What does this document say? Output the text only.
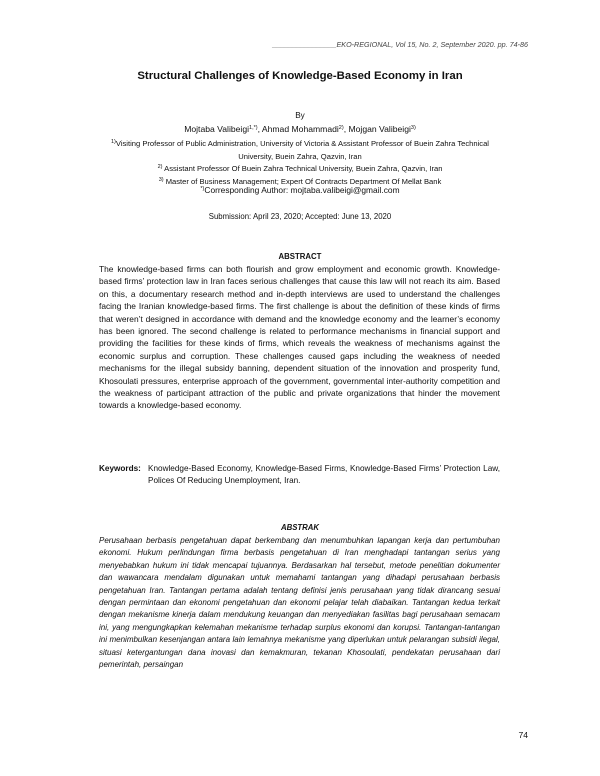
________________EKO-REGIONAL, Vol 15, No. 2, September 2020. pp. 74-86
Structural Challenges of Knowledge-Based Economy in Iran
By
Mojtaba Valibeigi$^{1,*)}$, Ahmad Mohammadi$^{2)}$, Mojgan Valibeigi$^{3)}$
$^{1)}$Visiting Professor of Public Administration, University of Victoria & Assistant Professor of Buein Zahra Technical University, Buein Zahra, Qazvin, Iran
$^{2)}$ Assistant Professor Of Buein Zahra Technical University, Buein Zahra, Qazvin, Iran
$^{3)}$ Master of Business Management; Expert Of Contracts Department Of Mellat Bank
*)Corresponding Author: mojtaba.valibeigi@gmail.com
Submission: April 23, 2020; Accepted: June 13, 2020
ABSTRACT

The knowledge-based firms can both flourish and grow employment and economic growth. Knowledge-based firms’ protection law in Iran faces serious challenges that cause this law will not reach its aim. Based on this, a documentary research method and in-depth interviews are used to understand the challenges facing the Iranian knowledge-based firms. The first challenge is about the definition of these kinds of firms that weren’t designed in accordance with demand and the knowledge economy and the learner’s economy has been ignored. The second challenge is related to performance mechanisms in financial support and providing the facilities for these kinds of firms, which reveals the weakness of mechanisms against the economic surplus and corruption. These challenges caused gaps including the weakness of needed mechanisms for the illegal subsidy banning, dependent situation of the innovation and prosperity fund, Khosoulati pressures, enterprise approach of the government, governmental inter-authority competition and the weakness of participant attraction of the public and private organizations that hinder the movement towards a knowledge-based economy.

Keywords: Knowledge-Based Economy, Knowledge-Based Firms, Knowledge-Based Firms’ Protection Law, Polices Of Reducing Unemployment, Iran.
ABSTRAK

Perusahaan berbasis pengetahuan dapat berkembang dan menumbuhkan lapangan kerja dan pertumbuhan ekonomi. Hukum perlindungan firma berbasis pengetahuan di Iran menghadapi tantangan serius yang menyebabkan hukum ini tidak mencapai tujuannya. Berdasarkan hal tersebut, metode penelitian dokumenter dan wawancara mendalam digunakan untuk memahami tantangan yang dihadapi perusahaan berbasis pengetahuan Iran. Tantangan pertama adalah tentang definisi jenis perusahaan yang tidak dirancang sesuai dengan permintaan dan ekonomi pengetahuan dan ekonomi pelajar telah diabaikan. Tantangan kedua terkait dengan mekanisme kinerja dalam mendukung keuangan dan menyediakan fasilitas bagi perusahaan semacam ini, yang mengungkapkan kelemahan mekanisme terhadap surplus ekonomi dan korupsi. Tantangan-tantangan ini menimbulkan kesenjangan antara lain lemahnya mekanisme yang diperlukan untuk pelarangan subsidi ilegal, situasi ketergantungan dana inovasi dan kemakmuran, tekanan Khosoulati, pendekatan perusahaan dari pemerintah, persaingan

74
